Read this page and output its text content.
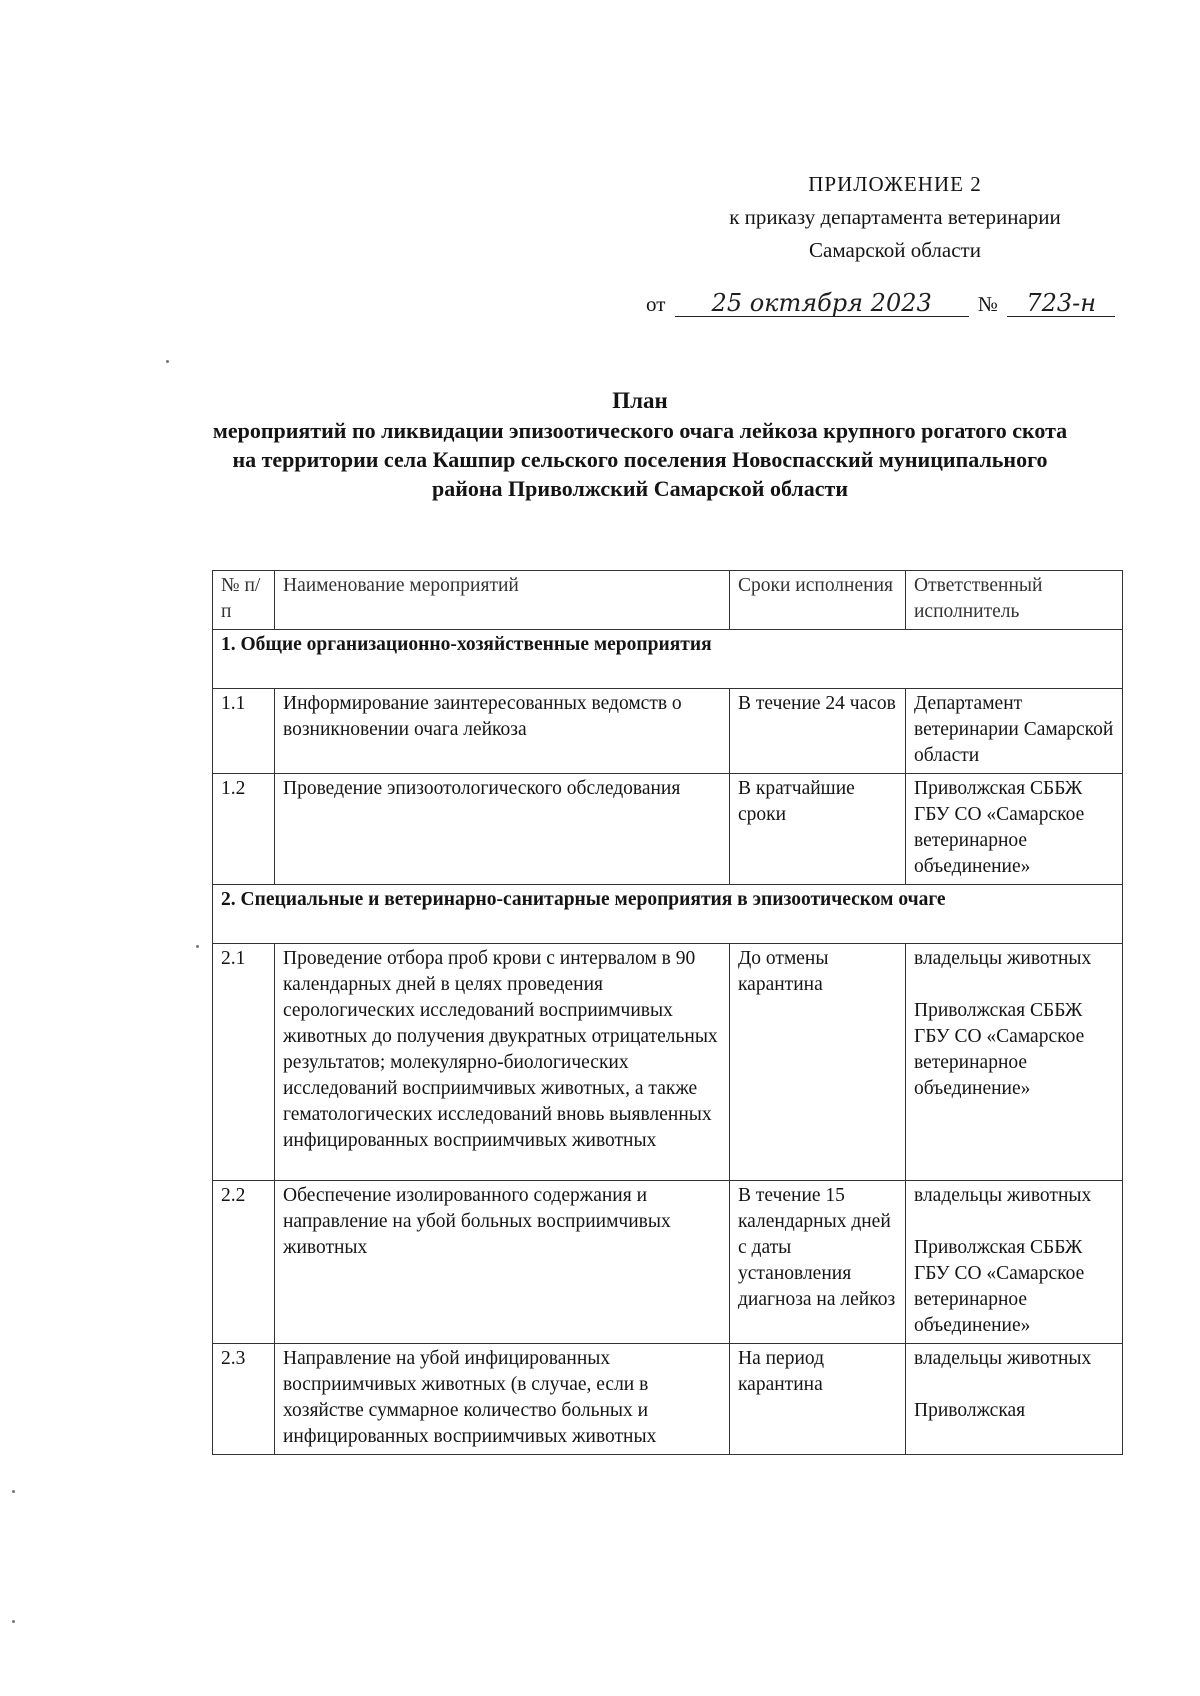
ПРИЛОЖЕНИЕ 2
к приказу департамента ветеринарии
Самарской области
от 25 октября 2023 № 723-н
План
мероприятий по ликвидации эпизоотического очага лейкоза крупного рогатого скота на территории села Кашпир сельского поселения Новоспасский муниципального района Приволжский Самарской области
№ п/п	Наименование мероприятий	Сроки исполнения	Ответственный исполнитель
1. Общие организационно-хозяйственные мероприятия			
1.1	Информирование заинтересованных ведомств о возникновении очага лейкоза	В течение 24 часов	Департамент ветеринарии Самарской области

1.2	Проведение эпизоотологического обследования	В кратчайшие сроки	Приволжская СББЖ ГБУ СО «Самарское ветеринарное объединение»

2. Специальные и ветеринарно-санитарные мероприятия в эпизоотическом очаге			
2.1	Проведение отбора проб крови с интервалом в 90 календарных дней в целях проведения серологических исследований восприимчивых животных до получения двукратных отрицательных результатов; молекулярно-биологических исследований восприимчивых животных, а также гематологических исследований вновь выявленных инфицированных восприимчивых животных	До отмены карантина	владельцы животных

Приволжская СББЖ ГБУ СО «Самарское ветеринарное объединение»

2.2	Обеспечение изолированного содержания и направление на убой больных восприимчивых животных	В течение 15 календарных дней с даты установления диагноза на лейкоз	владельцы животных

Приволжская СББЖ ГБУ СО «Самарское ветеринарное объединение»

2.3	Направление на убой инфицированных восприимчивых животных (в случае, если в хозяйстве суммарное количество больных и инфицированных восприимчивых животных	На период карантина	владельцы животных

Приволжская
